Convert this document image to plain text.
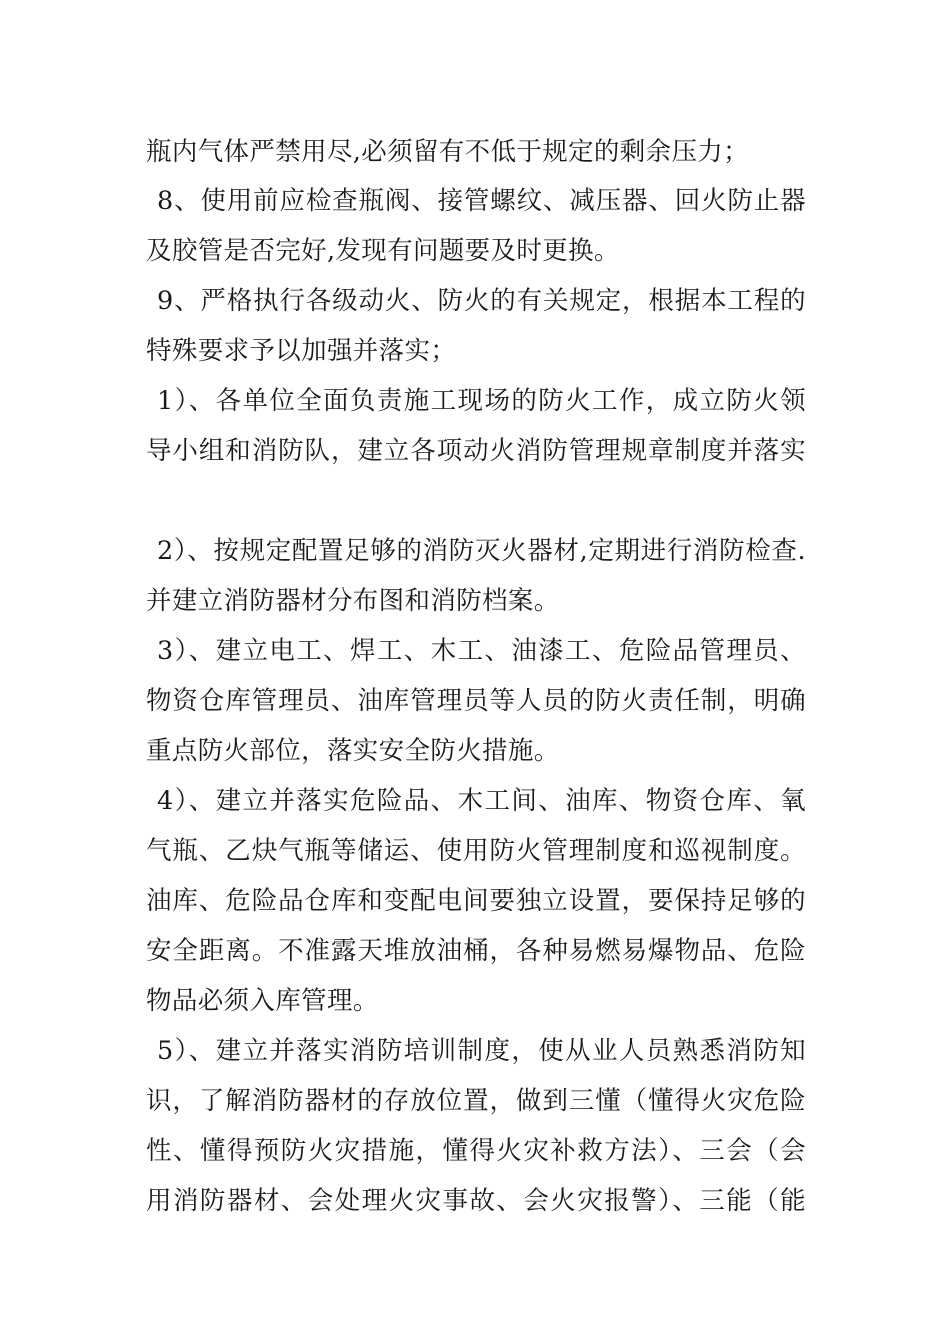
瓶内气体严禁用尽,必须留有不低于规定的剩余压力；
8、使用前应检查瓶阀、接管螺纹、减压器、回火防止器
及胶管是否完好,发现有问题要及时更换。
9、严格执行各级动火、防火的有关规定，根据本工程的
特殊要求予以加强并落实；
1）、各单位全面负责施工现场的防火工作，成立防火领
导小组和消防队，建立各项动火消防管理规章制度并落实
2）、按规定配置足够的消防灭火器材,定期进行消防检查.
并建立消防器材分布图和消防档案。
3）、建立电工、焊工、木工、油漆工、危险品管理员、
物资仓库管理员、油库管理员等人员的防火责任制，明确
重点防火部位，落实安全防火措施。
4）、建立并落实危险品、木工间、油库、物资仓库、氧
气瓶、乙炔气瓶等储运、使用防火管理制度和巡视制度。
油库、危险品仓库和变配电间要独立设置，要保持足够的
安全距离。不准露天堆放油桶，各种易燃易爆物品、危险
物品必须入库管理。
5）、建立并落实消防培训制度，使从业人员熟悉消防知
识，了解消防器材的存放位置，做到三懂（懂得火灾危险
性、懂得预防火灾措施，懂得火灾补救方法）、三会（会
用消防器材、会处理火灾事故、会火灾报警）、三能（能
